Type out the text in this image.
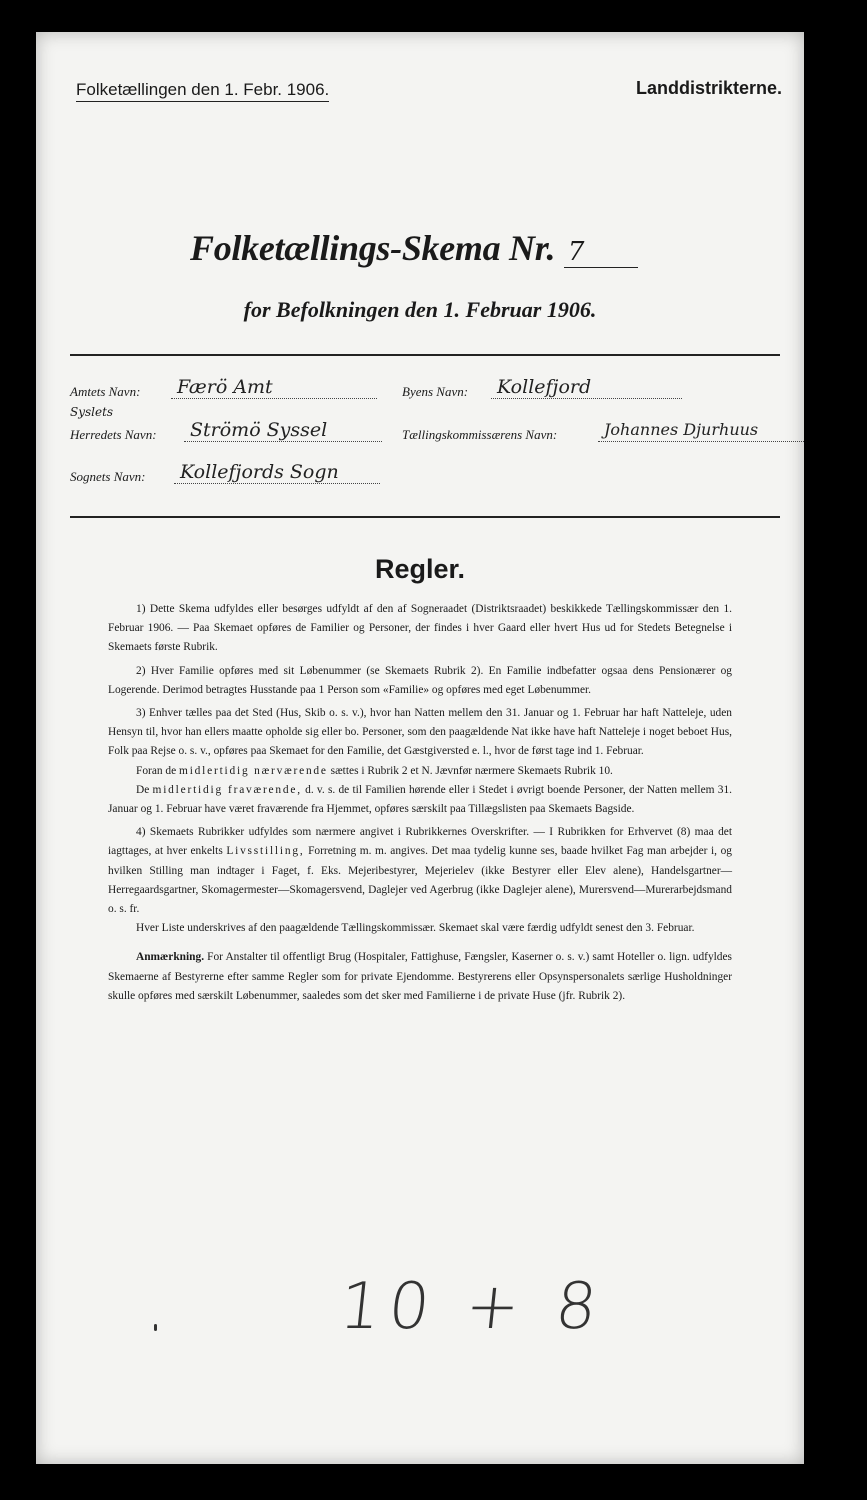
Folketællingen den 1. Febr. 1906.	Landdistrikterne.
Folketællings-Skema Nr. 7
for Befolkningen den 1. Februar 1906.
Amtets Navn:	Færö Amt
Syslets
Byens Navn:	Kollefjord
Herredets Navn:	Strömö Syssel	Tællingskommissærens Navn:	Johannes Djurhuus
Sognets Navn:	Kollefjords Sogn
Regler.

1) Dette Skema udfyldes eller besørges udfyldt af den af Sogneraadet (Distriktsraadet) beskikkede Tællingskommissær den 1. Februar 1906. — Paa Skemaet opføres de Familier og Personer, der findes i hver Gaard eller hvert Hus ud for Stedets Betegnelse i Skemaets første Rubrik.

2) Hver Familie opføres med sit Løbenummer (se Skemaets Rubrik 2). En Familie indbefatter ogsaa dens Pensionærer og Logerende. Derimod betragtes Husstande paa 1 Person som «Familie» og opføres med eget Løbenummer.

3) Enhver tælles paa det Sted (Hus, Skib o. s. v.), hvor han Natten mellem den 31. Januar og 1. Februar har haft Natteleje, uden Hensyn til, hvor han ellers maatte opholde sig eller bo. Personer, som den paagældende Nat ikke have haft Natteleje i noget beboet Hus, Folk paa Rejse o. s. v., opføres paa Skemaet for den Familie, det Gæstgiversted e. l., hvor de først tage ind 1. Februar.

Foran de midlertidig nærværende sættes i Rubrik 2 et N. Jævnfør nærmere Skemaets Rubrik 10.

De midlertidig fraværende, d. v. s. de til Familien hørende eller i Stedet i øvrigt boende Personer, der Natten mellem 31. Januar og 1. Februar have været fraværende fra Hjemmet, opføres særskilt paa Tillægslisten paa Skemaets Bagside.

4) Skemaets Rubrikker udfyldes som nærmere angivet i Rubrikkernes Overskrifter. — I Rubrikken for Erhvervet (8) maa det iagttages, at hver enkelts Livsstilling, Forretning m. m. angives. Det maa tydelig kunne ses, baade hvilket Fag man arbejder i, og hvilken Stilling man indtager i Faget, f. Eks. Mejeribestyrer, Mejerielev (ikke Bestyrer eller Elev alene), Handelsgartner—Herregaardsgartner, Skomagermester—Skomagersvend, Daglejer ved Agerbrug (ikke Daglejer alene), Murersvend—Murerarbejdsmand o. s. fr.

Hver Liste underskrives af den paagældende Tællingskommissær. Skemaet skal være færdig udfyldt senest den 3. Februar.

Anmærkning. For Anstalter til offentligt Brug (Hospitaler, Fattighuse, Fængsler, Kaserner o. s. v.) samt Hoteller o. lign. udfyldes Skemaerne af Bestyrerne efter samme Regler som for private Ejendomme. Bestyrerens eller Opsynspersonalets særlige Husholdninger skulle opføres med særskilt Løbenummer, saaledes som det sker med Familierne i de private Huse (jfr. Rubrik 2).

10 + 8
